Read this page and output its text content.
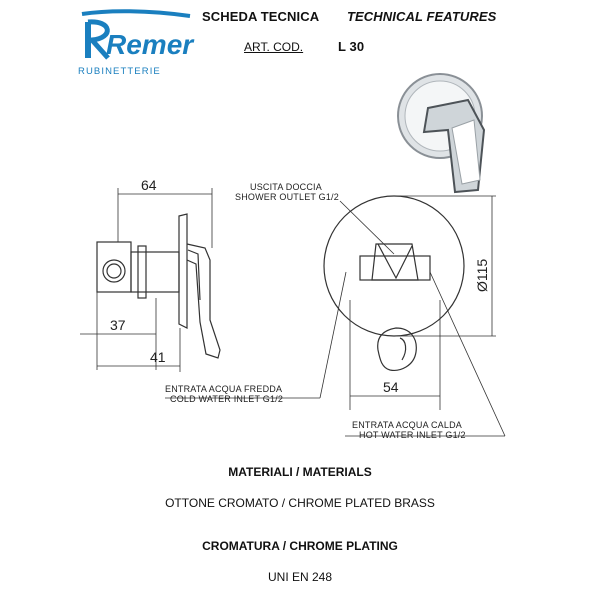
Remer
RUBINETTERIE
SCHEDA TECNICA TECHNICAL FEATURES
ART. COD.	L 30
64
37
41
54
Ø115
USCITA DOCCIA
SHOWER OUTLET G1/2
ENTRATA ACQUA FREDDA
COLD WATER INLET G1/2
ENTRATA ACQUA CALDA
HOT WATER INLET G1/2
MATERIALI / MATERIALS
OTTONE CROMATO / CHROME PLATED BRASS
CROMATURA / CHROME PLATING
UNI EN 248
